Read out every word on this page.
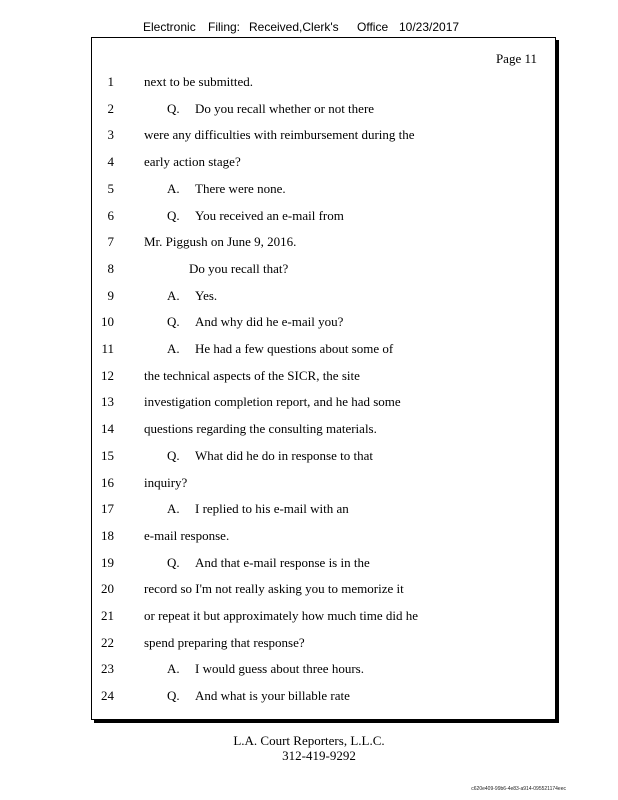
Electronic Filing: Received,Clerk's Office 10/23/2017
Page 11
1 next to be submitted.
2	Q. Do you recall whether or not there
3 were any difficulties with reimbursement during the
4 early action stage?
5	A. There were none.
6	Q. You received an e-mail from
7 Mr. Piggush on June 9, 2016.
8	Do you recall that?
9	A. Yes.
10	Q. And why did he e-mail you?
11	A. He had a few questions about some of
12 the technical aspects of the SICR, the site
13 investigation completion report, and he had some
14 questions regarding the consulting materials.
15	Q. What did he do in response to that
16 inquiry?
17	A. I replied to his e-mail with an
18 e-mail response.
19	Q. And that e-mail response is in the
20 record so I'm not really asking you to memorize it
21 or repeat it but approximately how much time did he
22 spend preparing that response?
23	A. I would guess about three hours.
24	Q. And what is your billable rate
L.A. Court Reporters, L.L.C.
312-419-9292
c620e409-99b6-4e83-a914-095521174eec
